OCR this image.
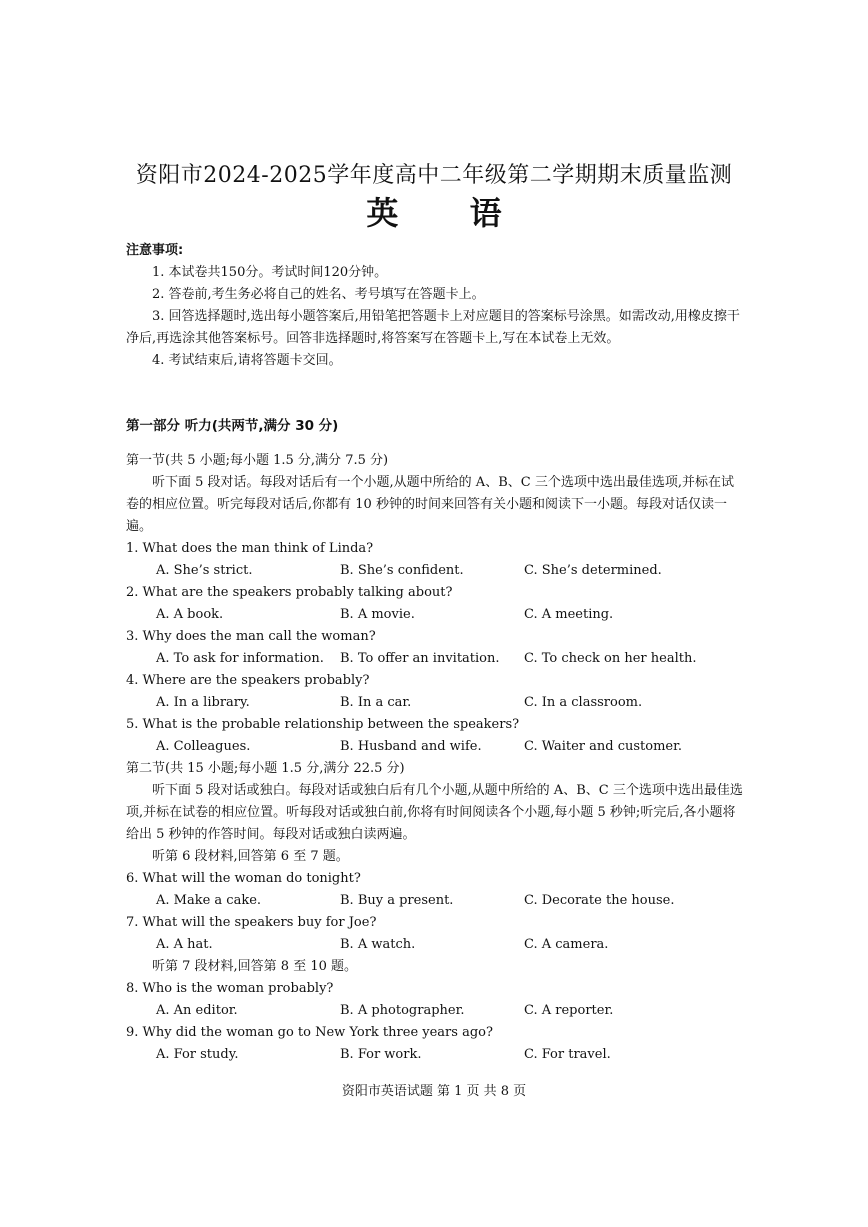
资阳市2024-2025学年度高中二年级第二学期期末质量监测
英 语
注意事项:

1. 本试卷共150分。考试时间120分钟。

2. 答卷前,考生务必将自己的姓名、考号填写在答题卡上。

3. 回答选择题时,选出每小题答案后,用铅笔把答题卡上对应题目的答案标号涂黑。如需改动,用橡皮擦干净后,再选涂其他答案标号。回答非选择题时,将答案写在答题卡上,写在本试卷上无效。

4. 考试结束后,请将答题卡交回。

第一部分 听力(共两节,满分 30 分)

第一节(共 5 小题;每小题 1.5 分,满分 7.5 分)

听下面 5 段对话。每段对话后有一个小题,从题中所给的 A、B、C 三个选项中选出最佳选项,并标在试卷的相应位置。听完每段对话后,你都有 10 秒钟的时间来回答有关小题和阅读下一小题。每段对话仅读一遍。

1. What does the man think of Linda?
A. She’s strict.	B. She’s confident.	C. She’s determined.
2. What are the speakers probably talking about?
A. A book.	B. A movie.	C. A meeting.
3. Why does the man call the woman?
A. To ask for information. B. To offer an invitation. C. To check on her health.
4. Where are the speakers probably?
A. In a library.	B. In a car.	C. In a classroom.
5. What is the probable relationship between the speakers?
A. Colleagues.	B. Husband and wife.	C. Waiter and customer.

第二节(共 15 小题;每小题 1.5 分,满分 22.5 分)

听下面 5 段对话或独白。每段对话或独白后有几个小题,从题中所给的 A、B、C 三个选项中选出最佳选项,并标在试卷的相应位置。听每段对话或独白前,你将有时间阅读各个小题,每小题 5 秒钟;听完后,各小题将给出 5 秒钟的作答时间。每段对话或独白读两遍。

听第 6 段材料,回答第 6 至 7 题。

6. What will the woman do tonight?
A. Make a cake.	B. Buy a present.	C. Decorate the house.
7. What will the speakers buy for Joe?
A. A hat.	B. A watch.	C. A camera.

听第 7 段材料,回答第 8 至 10 题。

8. Who is the woman probably?
A. An editor.	B. A photographer.	C. A reporter.
9. Why did the woman go to New York three years ago?
A. For study.	B. For work.	C. For travel.
资阳市英语试题 第 1 页 共 8 页
